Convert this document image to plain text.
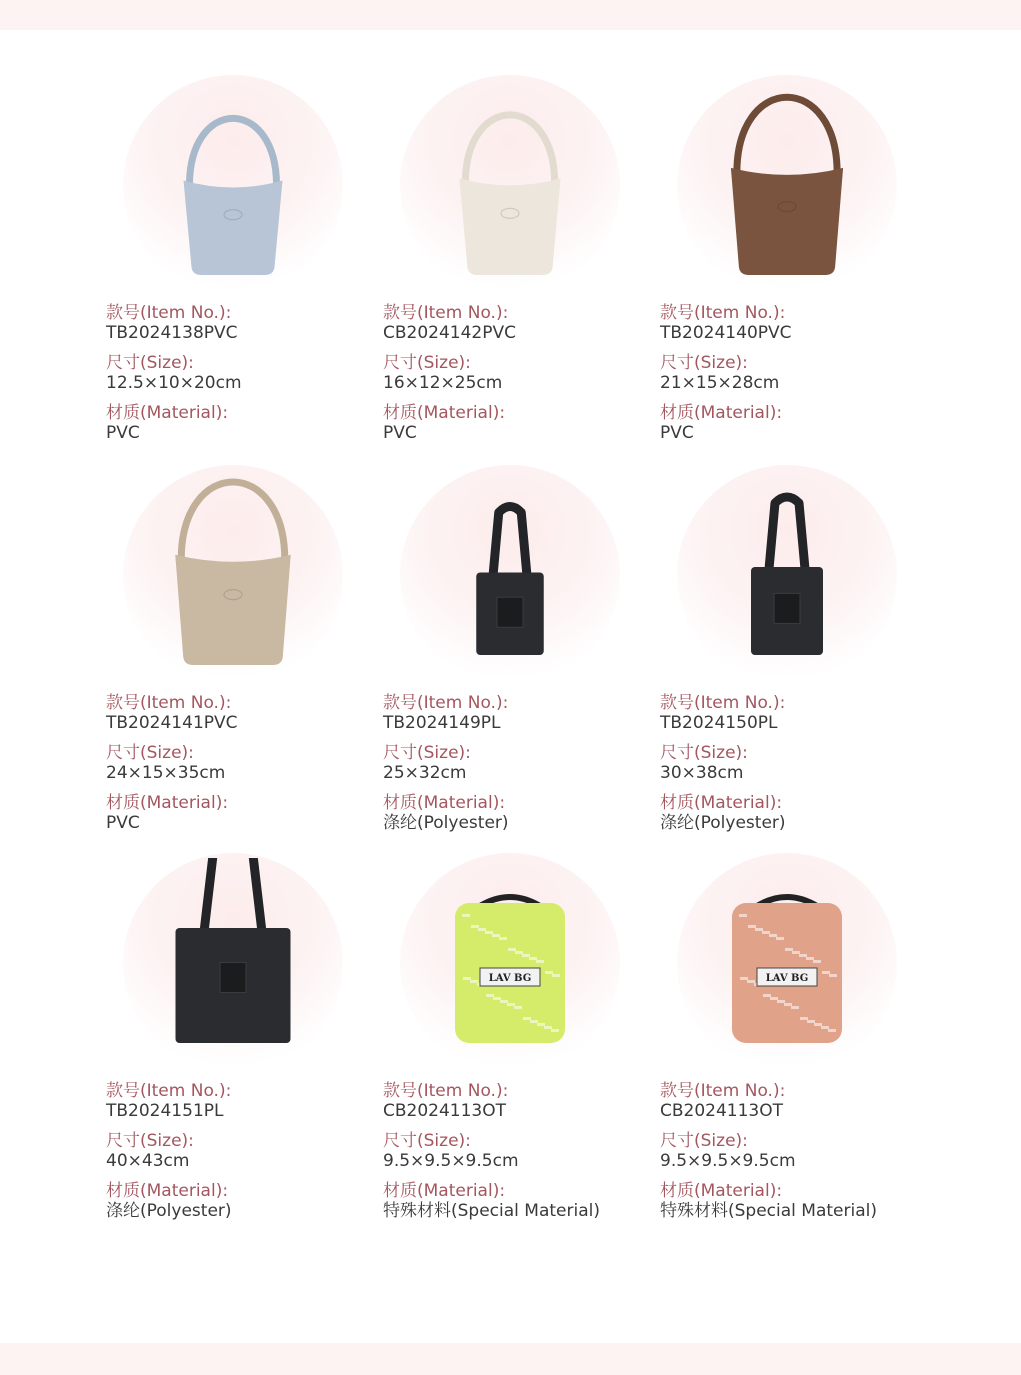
款号(Item No.):
TB2024138PVC
尺寸(Size):
12.5×10×20cm
材质(Material):
PVC
款号(Item No.):
CB2024142PVC
尺寸(Size):
16×12×25cm
材质(Material):
PVC
款号(Item No.):
TB2024140PVC
尺寸(Size):
21×15×28cm
材质(Material):
PVC
款号(Item No.):
TB2024141PVC
尺寸(Size):
24×15×35cm
材质(Material):
PVC
款号(Item No.):
TB2024149PL
尺寸(Size):
25×32cm
材质(Material):
涤纶(Polyester)
款号(Item No.):
TB2024150PL
尺寸(Size):
30×38cm
材质(Material):
涤纶(Polyester)
款号(Item No.):
TB2024151PL
尺寸(Size):
40×43cm
材质(Material):
涤纶(Polyester)
LAV BG
款号(Item No.):
CB2024113OT
尺寸(Size):
9.5×9.5×9.5cm
材质(Material):
特殊材料(Special Material)
LAV BG
款号(Item No.):
CB2024113OT
尺寸(Size):
9.5×9.5×9.5cm
材质(Material):
特殊材料(Special Material)
